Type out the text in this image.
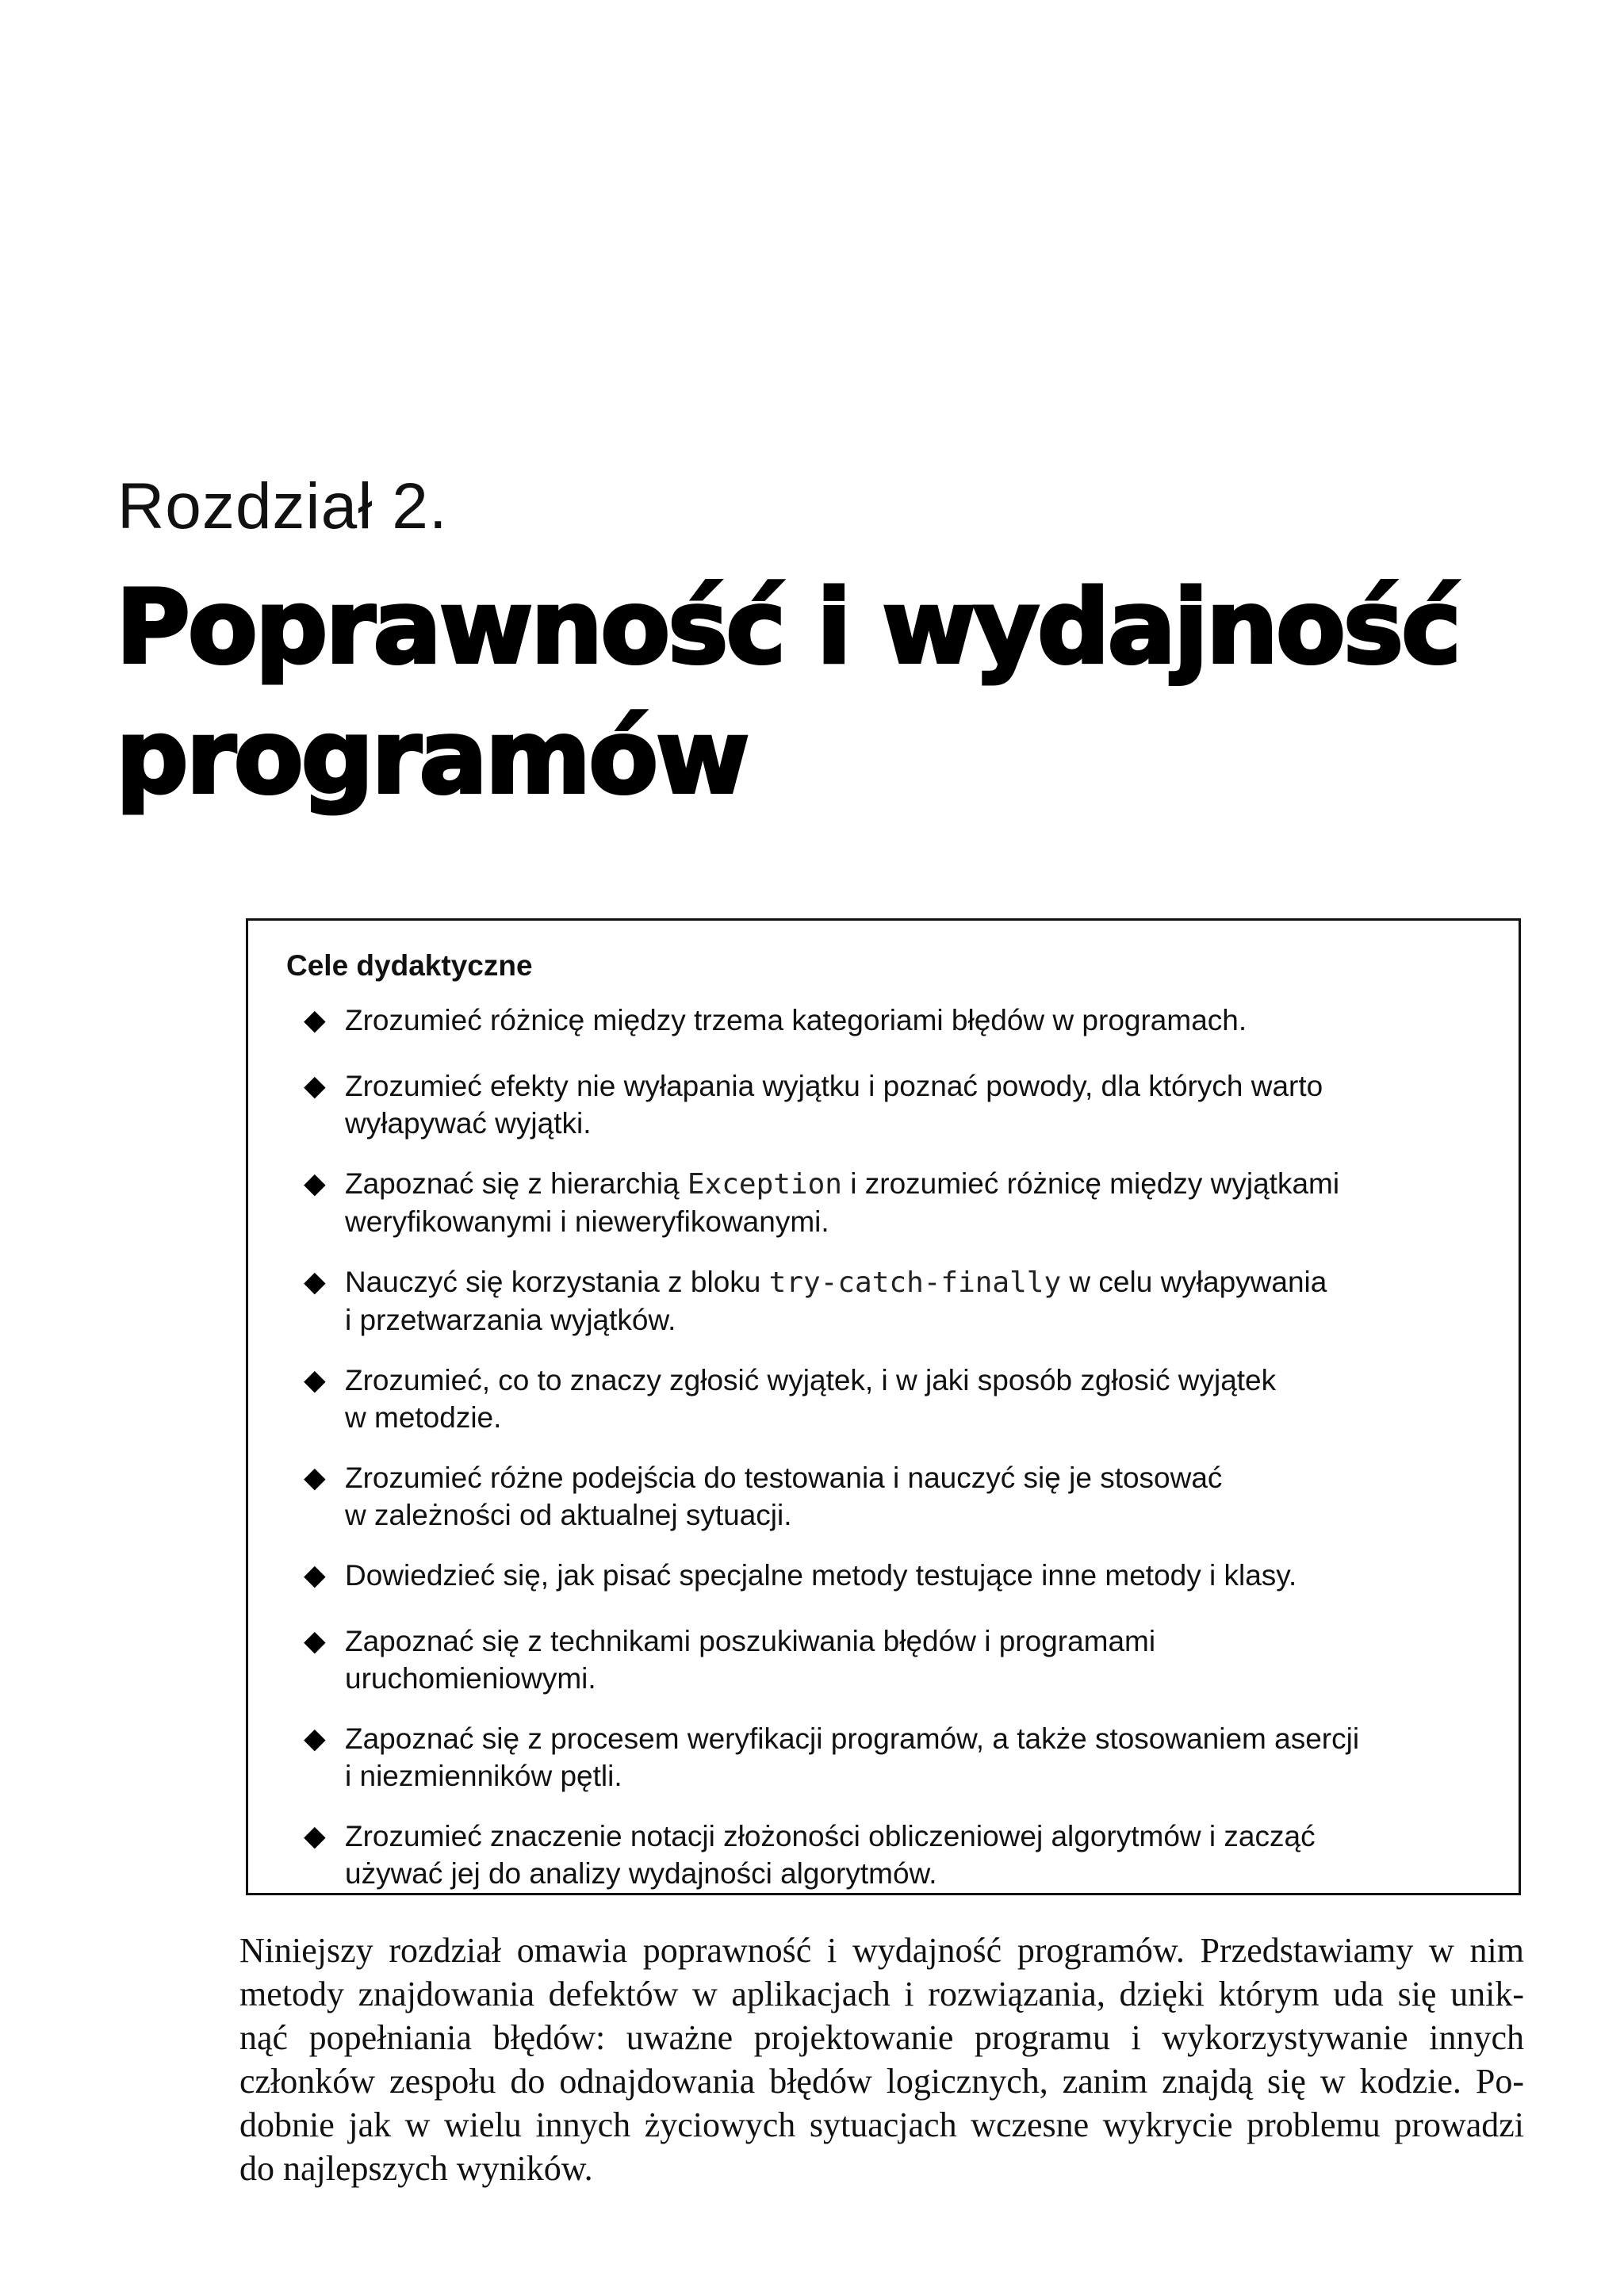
Rozdział 2.
Poprawność i wydajność
programów
Cele dydaktyczne
◆ Zrozumieć różnicę między trzema kategoriami błędów w programach.
◆ Zrozumieć efekty nie wyłapania wyjątku i poznać powody, dla których warto
wyłapywać wyjątki.
◆ Zapoznać się z hierarchią Exception i zrozumieć różnicę między wyjątkami
weryfikowanymi i nieweryfikowanymi.
◆ Nauczyć się korzystania z bloku try-catch-finally w celu wyłapywania
i przetwarzania wyjątków.
◆ Zrozumieć, co to znaczy zgłosić wyjątek, i w jaki sposób zgłosić wyjątek
w metodzie.
◆ Zrozumieć różne podejścia do testowania i nauczyć się je stosować
w zależności od aktualnej sytuacji.
◆ Dowiedzieć się, jak pisać specjalne metody testujące inne metody i klasy.
◆ Zapoznać się z technikami poszukiwania błędów i programami
uruchomieniowymi.
◆ Zapoznać się z procesem weryfikacji programów, a także stosowaniem asercji
i niezmienników pętli.
◆ Zrozumieć znaczenie notacji złożoności obliczeniowej algorytmów i zacząć
używać jej do analizy wydajności algorytmów.
Niniejszy rozdział omawia poprawność i wydajność programów. Przedstawiamy w nim
metody znajdowania defektów w aplikacjach i rozwiązania, dzięki którym uda się unik-
nąć popełniania błędów: uważne projektowanie programu i wykorzystywanie innych
członków zespołu do odnajdowania błędów logicznych, zanim znajdą się w kodzie. Po-
dobnie jak w wielu innych życiowych sytuacjach wczesne wykrycie problemu prowadzi
do najlepszych wyników.
